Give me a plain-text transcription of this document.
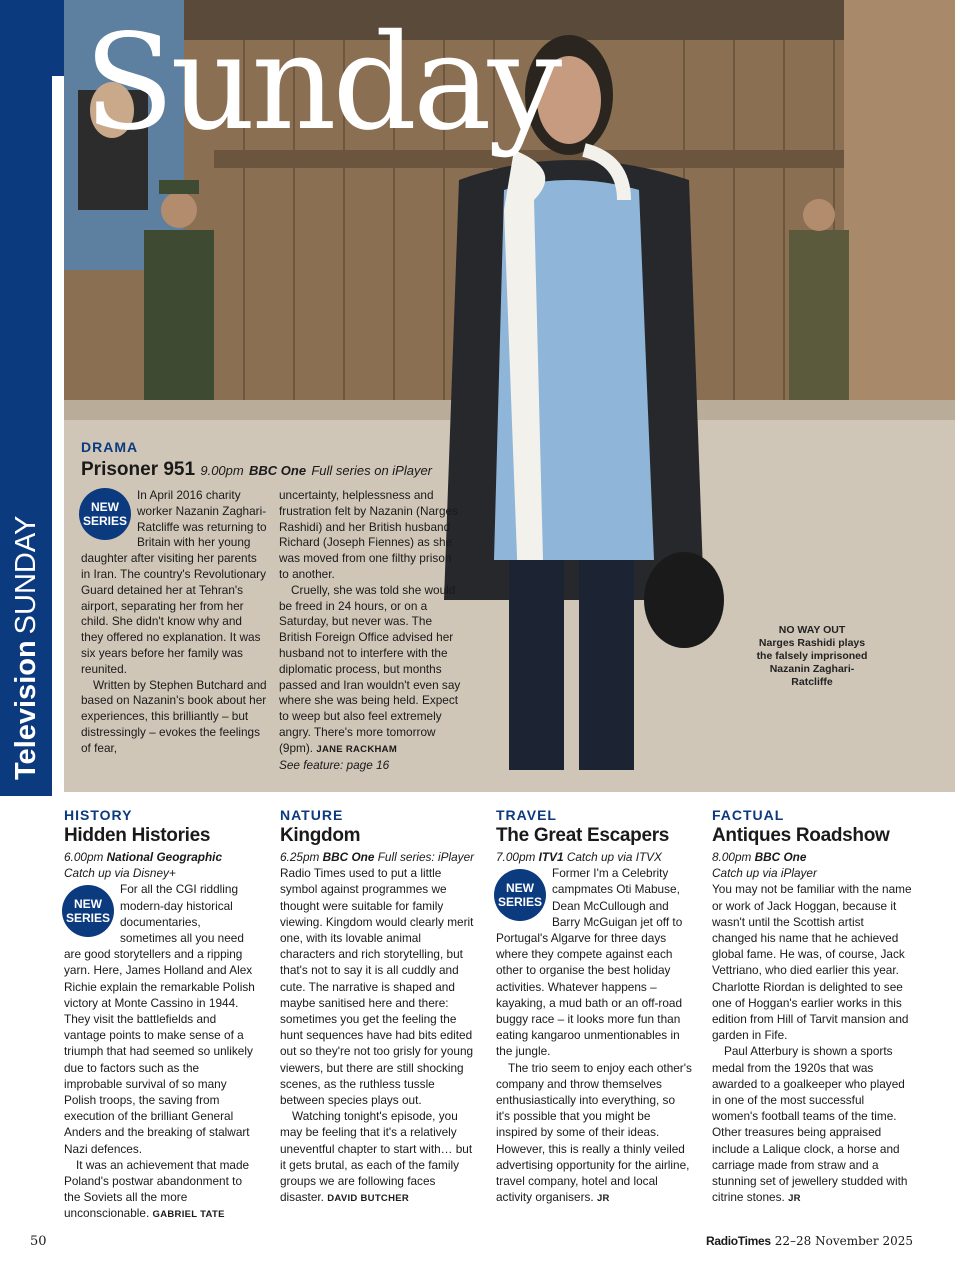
TelevisionSUNDAY
Sunday
DRAMA
Prisoner 951 9.00pm BBC One Full series on iPlayer
NEW
SERIES

In April 2016 charity worker Nazanin Zaghari-Ratcliffe was returning to Britain with her young daughter after visiting her parents in Iran. The country's Revolutionary Guard detained her at Tehran's airport, separating her from her child. She didn't know why and they offered no explanation. It was six years before her family was reunited.

Written by Stephen Butchard and based on Nazanin's book about her experiences, this brilliantly – but distressingly – evokes the feelings of fear,

uncertainty, helplessness and frustration felt by Nazanin (Narges Rashidi) and her British husband Richard (Joseph Fiennes) as she was moved from one filthy prison to another.

Cruelly, she was told she would be freed in 24 hours, or on a Saturday, but never was. The British Foreign Office advised her husband not to interfere with the diplomatic process, but months passed and Iran wouldn't even say where she was being held. Expect to weep but also feel extremely angry. There's more tomorrow (9pm). JANE RACKHAM

See feature: page 16
NO WAY OUT
Narges Rashidi plays the falsely imprisoned Nazanin Zaghari-Ratcliffe
HISTORY
Hidden Histories
6.00pm National Geographic
Catch up via Disney+
NEW
SERIES

For all the CGI riddling modern-day historical documentaries, sometimes all you need are good storytellers and a ripping yarn. Here, James Holland and Alex Richie explain the remarkable Polish victory at Monte Cassino in 1944. They visit the battlefields and vantage points to make sense of a triumph that had seemed so unlikely due to factors such as the improbable survival of so many Polish troops, the saving from execution of the brilliant General Anders and the breaking of stalwart Nazi defences.

It was an achievement that made Poland's postwar abandonment to the Soviets all the more unconscionable. GABRIEL TATE

NATURE
Kingdom
6.25pm BBC One Full series: iPlayer

Radio Times used to put a little symbol against programmes we thought were suitable for family viewing. Kingdom would clearly merit one, with its lovable animal characters and rich storytelling, but that's not to say it is all cuddly and cute. The narrative is shaped and maybe sanitised here and there: sometimes you get the feeling the hunt sequences have had bits edited out so they're not too grisly for young viewers, but there are still shocking scenes, as the ruthless tussle between species plays out.

Watching tonight's episode, you may be feeling that it's a relatively uneventful chapter to start with… but it gets brutal, as each of the family groups we are following faces disaster. DAVID BUTCHER

TRAVEL
The Great Escapers
7.00pm ITV1 Catch up via ITVX
NEW
SERIES

Former I'm a Celebrity campmates Oti Mabuse, Dean McCullough and Barry McGuigan jet off to Portugal's Algarve for three days where they compete against each other to organise the best holiday activities. Whatever happens – kayaking, a mud bath or an off-road buggy race – it looks more fun than eating kangaroo unmentionables in the jungle.

The trio seem to enjoy each other's company and throw themselves enthusiastically into everything, so it's possible that you might be inspired by some of their ideas. However, this is really a thinly veiled advertising opportunity for the airline, travel company, hotel and local activity organisers. JR

FACTUAL
Antiques Roadshow
8.00pm BBC One
Catch up via iPlayer

You may not be familiar with the name or work of Jack Hoggan, because it wasn't until the Scottish artist changed his name that he achieved global fame. He was, of course, Jack Vettriano, who died earlier this year. Charlotte Riordan is delighted to see one of Hoggan's earlier works in this edition from Hill of Tarvit mansion and garden in Fife.

Paul Atterbury is shown a sports medal from the 1920s that was awarded to a goalkeeper who played in one of the most successful women's football teams of the time. Other treasures being appraised include a Lalique clock, a horse and carriage made from straw and a stunning set of jewellery studded with citrine stones. JR

50	RadioTimes 22–28 November 2025
